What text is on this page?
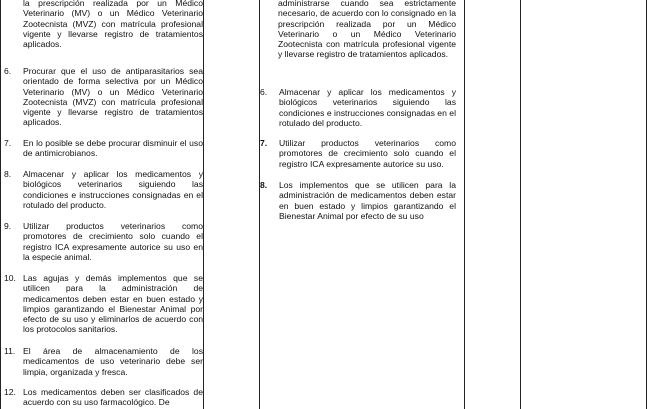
la prescripción realizada por un Médico Veterinario (MV) o un Médico Veterinario Zootecnista (MVZ) con matrícula profesional vigente y llevarse registro de tratamientos aplicados.
6.	Procurar que el uso de antiparasitarios sea orientado de forma selectiva por un Médico Veterinario (MV) o un Médico Veterinario Zootecnista (MVZ) con matrícula profesional vigente y llevarse registro de tratamientos aplicados.
7.	En lo posible se debe procurar disminuir el uso de antimicrobianos.
8.	Almacenar y aplicar los medicamentos y biológicos veterinarios siguiendo las condiciones e instrucciones consignadas en el rotulado del producto.
9.	Utilizar productos veterinarios como promotores de crecimiento solo cuando el registro ICA expresamente autorice su uso en la especie animal.
10. Las agujas y demás implementos que se utilicen para la administración de medicamentos deben estar en buen estado y limpios garantizando el Bienestar Animal por efecto de su uso y eliminarlos de acuerdo con los protocolos sanitarios.
11. El área de almacenamiento de los medicamentos de uso veterinario debe ser limpia, organizada y fresca.
12. Los medicamentos deben ser clasificados de acuerdo con su uso farmacológico. De
administrarse cuando sea estrictamente necesario, de acuerdo con lo consignado en la prescripción realizada por un Médico Veterinario o un Médico Veterinario Zootecnista con matrícula profesional vigente y llevarse registro de tratamientos aplicados.
6.	Almacenar y aplicar los medicamentos y biológicos veterinarios siguiendo las condiciones e instrucciones consignadas en el rotulado del producto.
7.	Utilizar productos veterinarios como promotores de crecimiento solo cuando el registro ICA expresamente autorice su uso.
8.	Los implementos que se utilicen para la administración de medicamentos deben estar en buen estado y limpios garantizando el Bienestar Animal por efecto de su uso
